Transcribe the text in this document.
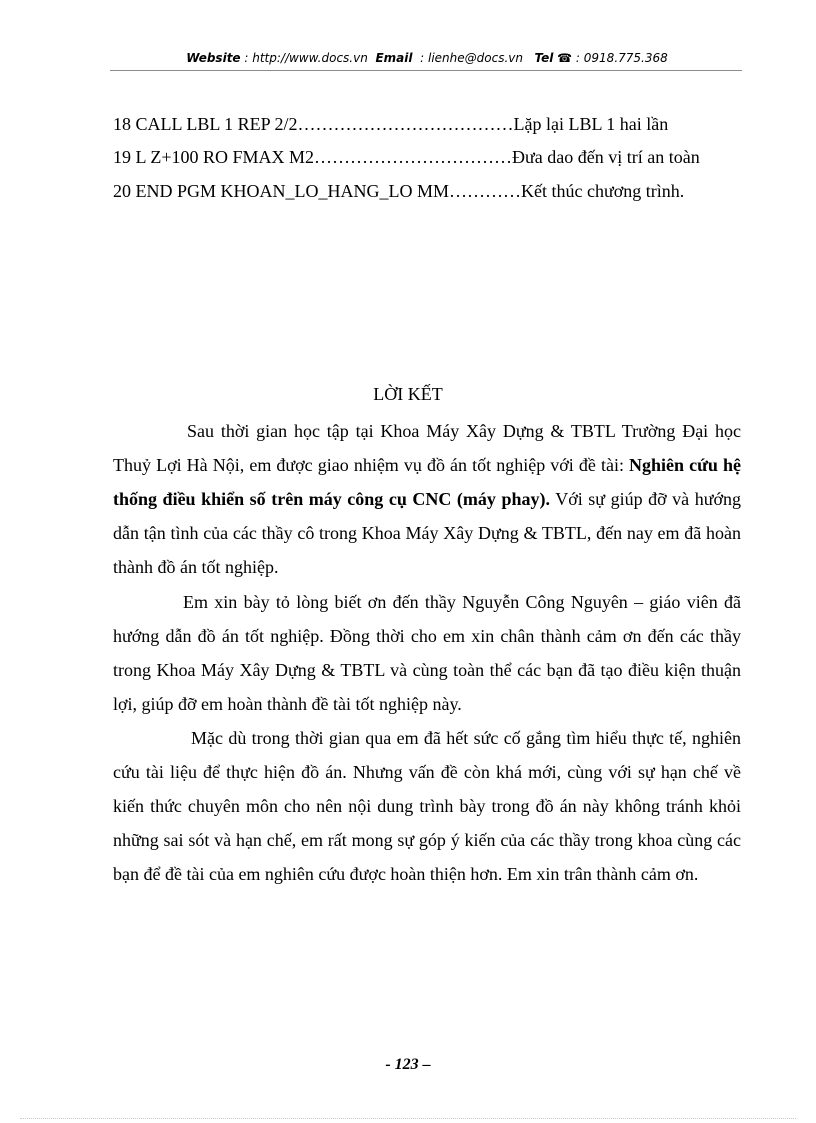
Website : http://www.docs.vn Email  : lienhe@docs.vn Tel ☎ : 0918.775.368
18 CALL LBL 1 REP 2/2………………………………Lặp lại LBL 1 hai lần
19 L Z+100 RO FMAX M2……………………………Đưa dao đến vị trí an toàn
20 END PGM KHOAN_LO_HANG_LO MM…………Kết thúc chương trình.
LỜI KẾT
Sau thời gian học tập tại Khoa Máy Xây Dựng & TBTL Trường Đại học Thuỷ Lợi Hà Nội, em được giao nhiệm vụ đồ án tốt nghiệp với đề tài: Nghiên cứu hệ thống điều khiển số trên máy công cụ CNC (máy phay). Với sự giúp đỡ và hướng dẫn tận tình của các thầy cô trong Khoa Máy Xây Dựng & TBTL, đến nay em đã hoàn thành đồ án tốt nghiệp.
Em xin bày tỏ lòng biết ơn đến thầy Nguyễn Công Nguyên – giáo viên đã hướng dẫn đồ án tốt nghiệp. Đồng thời cho em xin chân thành cảm ơn đến các thầy trong Khoa Máy Xây Dựng & TBTL và cùng toàn thể các bạn đã tạo điều kiện thuận lợi, giúp đỡ em hoàn thành đề tài tốt nghiệp này.
Mặc dù trong thời gian qua em đã hết sức cố gắng tìm hiểu thực tế, nghiên cứu tài liệu để thực hiện đồ án. Nhưng vấn đề còn khá mới, cùng với sự hạn chế về kiến thức chuyên môn cho nên nội dung trình bày trong đồ án này không tránh khỏi những sai sót và hạn chế, em rất mong sự góp ý kiến của các thầy trong khoa cùng các bạn để đề tài của em nghiên cứu được hoàn thiện hơn. Em xin trân thành cảm ơn.
- 123 –
